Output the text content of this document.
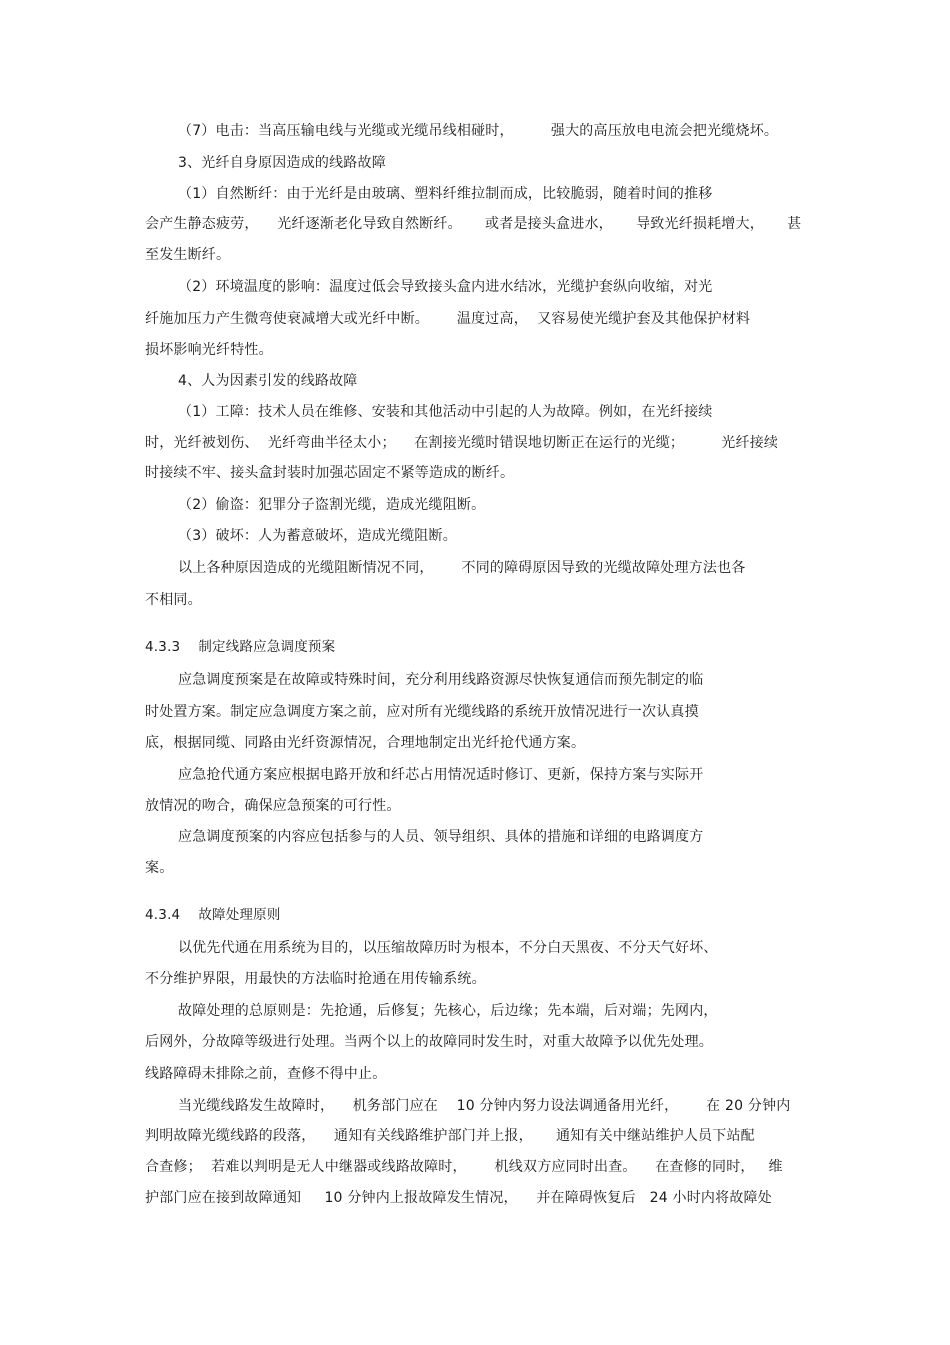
（7）电击：当高压输电线与光缆或光缆吊线相碰时，        强大的高压放电电流会把光缆烧坏。
3、光纤自身原因造成的线路故障
（1）自然断纤：由于光纤是由玻璃、塑料纤维拉制而成，比较脆弱，随着时间的推移
会产生静态疲劳，    光纤逐渐老化导致自然断纤。     或者是接头盒进水，     导致光纤损耗增大，     甚
至发生断纤。
（2）环境温度的影响：温度过低会导致接头盒内进水结冰，光缆护套纵向收缩，对光
纤施加压力产生微弯使衰减增大或光纤中断。      温度过高，  又容易使光缆护套及其他保护材料
损坏影响光纤特性。
4、人为因素引发的线路故障
（1）工障：技术人员在维修、安装和其他活动中引起的人为故障。例如，在光纤接续
时，光纤被划伤、  光纤弯曲半径太小；    在割接光缆时错误地切断正在运行的光缆；        光纤接续
时接续不牢、接头盒封装时加强芯固定不紧等造成的断纤。
（2）偷盗：犯罪分子盗割光缆，造成光缆阻断。
（3）破坏：人为蓄意破坏，造成光缆阻断。
以上各种原因造成的光缆阻断情况不同，      不同的障碍原因导致的光缆故障处理方法也各
不相同。
4.3.3    制定线路应急调度预案
应急调度预案是在故障或特殊时间，充分利用线路资源尽快恢复通信而预先制定的临
时处置方案。制定应急调度方案之前，应对所有光缆线路的系统开放情况进行一次认真摸
底，根据同缆、同路由光纤资源情况，合理地制定出光纤抢代通方案。
应急抢代通方案应根据电路开放和纤芯占用情况适时修订、更新，保持方案与实际开
放情况的吻合，确保应急预案的可行性。
应急调度预案的内容应包括参与的人员、领导组织、具体的措施和详细的电路调度方
案。
4.3.4    故障处理原则
以优先代通在用系统为目的，以压缩故障历时为根本，不分白天黑夜、不分天气好坏、
不分维护界限，用最快的方法临时抢通在用传输系统。
故障处理的总原则是：先抢通，后修复；先核心，后边缘；先本端，后对端；先网内，
后网外，分故障等级进行处理。当两个以上的故障同时发生时，对重大故障予以优先处理。
线路障碍未排除之前，查修不得中止。
当光缆线路发生故障时，    机务部门应在    10 分钟内努力设法调通备用光纤，      在 20 分钟内
判明故障光缆线路的段落，    通知有关线路维护部门并上报，     通知有关中继站维护人员下站配
合查修；  若难以判明是无人中继器或线路故障时，      机线双方应同时出查。    在查修的同时，   维
护部门应在接到故障通知     10 分钟内上报故障发生情况，    并在障碍恢复后   24 小时内将故障处
